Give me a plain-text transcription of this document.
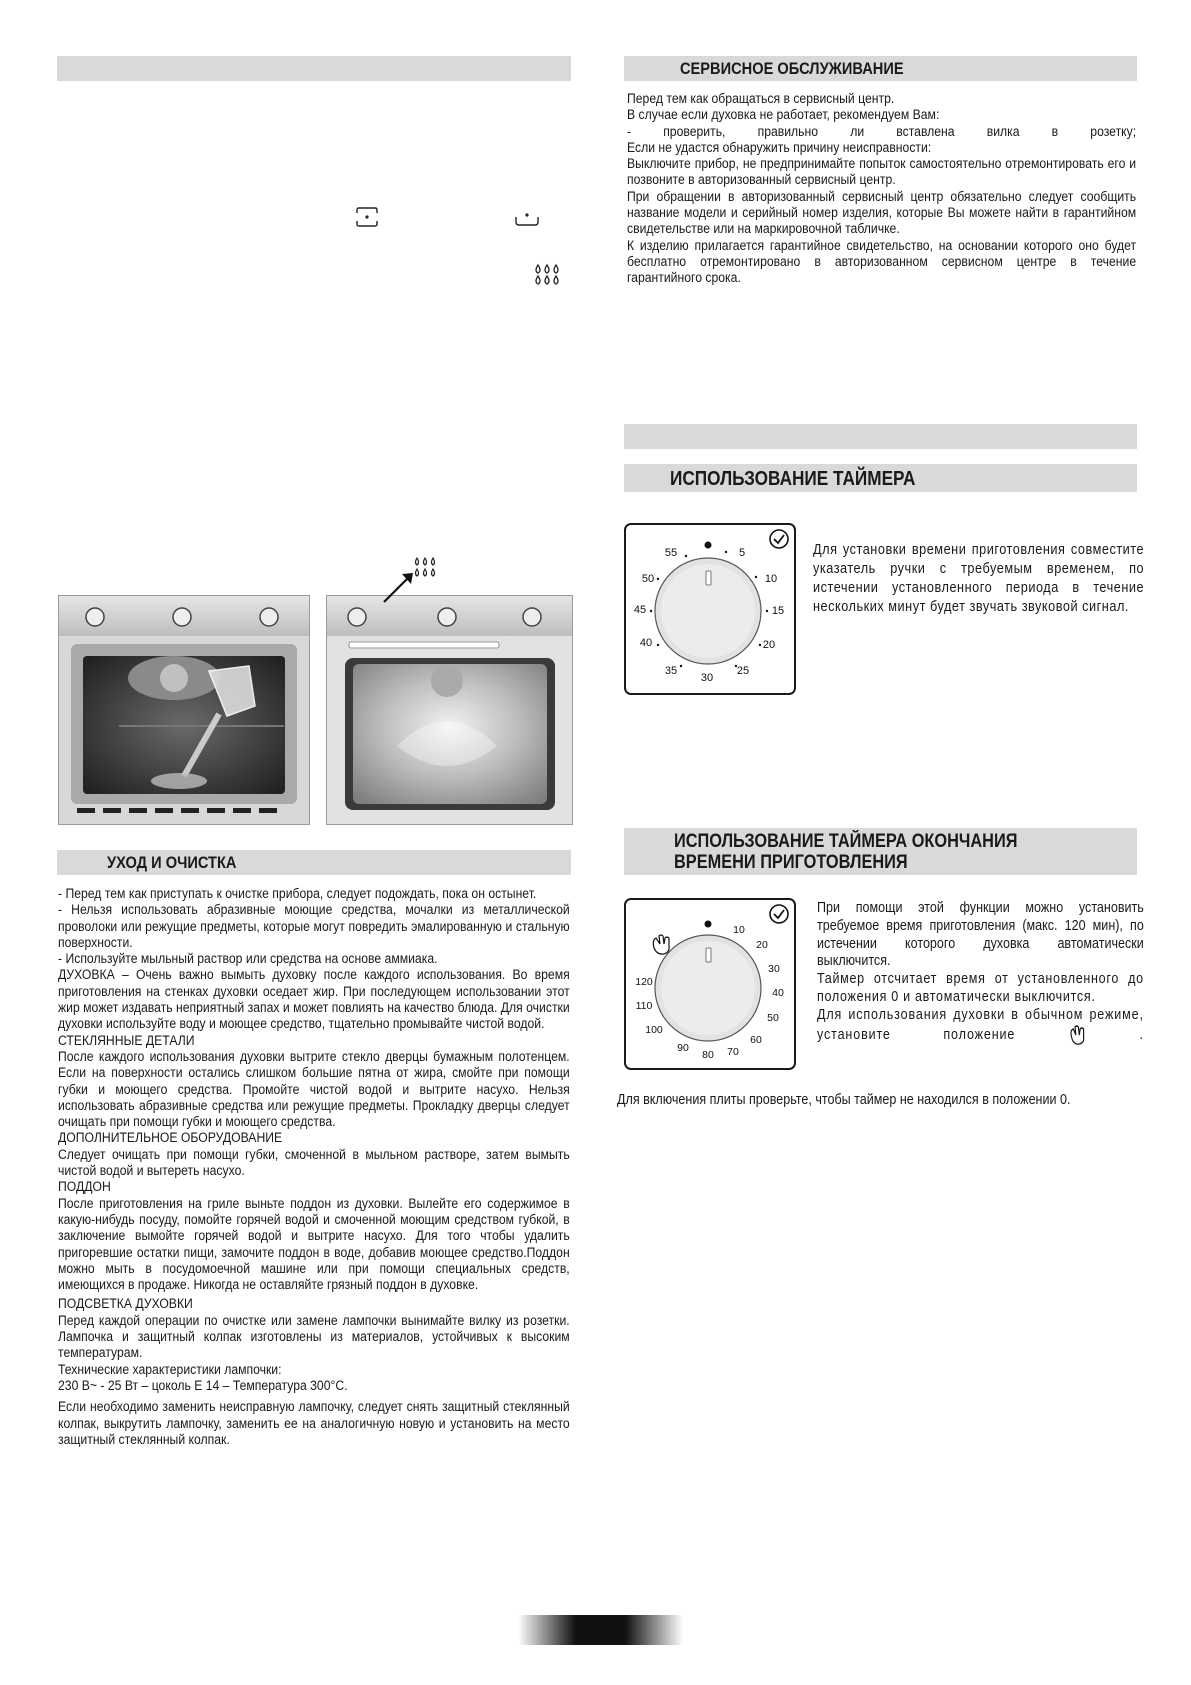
УХОД И ОЧИСТКА

- Перед тем как приступать к очистке прибора, следует подождать, пока он остынет.

- Нельзя использовать абразивные моющие средства, мочалки из металлической проволоки или режущие предметы, которые могут повредить эмалированную и стальную поверхности.

- Используйте мыльный раствор или средства на основе аммиака.

ДУХОВКА – Очень важно вымыть духовку после каждого использования. Во время приготовления на стенках духовки оседает жир. При последующем использовании этот жир может издавать неприятный запах и может повлиять на качество блюда. Для очистки духовки используйте воду и моющее средство, тщательно промывайте чистой водой.

СТЕКЛЯННЫЕ ДЕТАЛИ

После каждого использования духовки вытрите стекло дверцы бумажным полотенцем. Если на поверхности остались слишком большие пятна от жира, смойте при помощи губки и моющего средства. Промойте чистой водой и вытрите насухо. Нельзя использовать абразивные средства или режущие предметы. Прокладку дверцы следует очищать при помощи губки и моющего средства.

ДОПОЛНИТЕЛЬНОЕ ОБОРУДОВАНИЕ

Следует очищать при помощи губки, смоченной в мыльном растворе, затем вымыть чистой водой и вытереть насухо.

ПОДДОН

После приготовления на гриле выньте поддон из духовки. Вылейте его содержимое в какую-нибудь посуду, помойте горячей водой и смоченной моющим средством губкой, в заключение вымойте горячей водой и вытрите насухо. Для того чтобы удалить пригоревшие остатки пищи, замочите поддон в воде, добавив моющее средство.Поддон можно мыть в посудомоечной машине или при помощи специальных средств, имеющихся в продаже. Никогда не оставляйте грязный поддон в духовке.

ПОДСВЕТКА ДУХОВКИ

Перед каждой операции по очистке или замене лампочки вынимайте вилку из розетки. Лампочка и защитный колпак изготовлены из материалов, устойчивых к высоким температурам.

Технические характеристики лампочки:

230 В~ - 25 Вт – цоколь Е 14 – Температура 300°С.

Если необходимо заменить неисправную лампочку, следует снять защитный стеклянный колпак, выкрутить лампочку, заменить ее на аналогичную новую и установить на место защитный стеклянный колпак.

СЕРВИСНОЕ ОБСЛУЖИВАНИЕ

Перед тем как обращаться в сервисный центр.

В случае если духовка не работает, рекомендуем Вам:

- проверить, правильно ли вставлена вилка в розетку;

Если не удастся обнаружить причину неисправности:

Выключите прибор, не предпринимайте попыток самостоятельно отремонтировать его и позвоните в авторизованный сервисный центр.

При обращении в авторизованный сервисный центр обязательно следует сообщить название модели и серийный номер изделия, которые Вы можете найти в гарантийном свидетельстве или на маркировочной табличке.

К изделию прилагается гарантийное свидетельство, на основании которого оно будет бесплатно отремонтировано в авторизованном сервисном центре в течение гарантийного срока.

ИСПОЛЬЗОВАНИЕ ТАЙМЕРА
55	5
10
15
20
25
30
35
40
45
50

Для установки времени приготовления совместите указатель ручки с требуемым временем, по истечении установленного периода в течение нескольких минут будет звучать звуковой сигнал.

ИСПОЛЬЗОВАНИЕ ТАЙМЕРА ОКОНЧАНИЯ
ВРЕМЕНИ ПРИГОТОВЛЕНИЯ
10
20
30
40
50
60
70
80
90
100
110
120

При помощи этой функции можно установить требуемое время приготовления (макс. 120 мин), по истечении которого духовка автоматически выключится.

Таймер отсчитает время от установленного до положения 0 и автоматически выключится.

Для использования духовки в обычном режиме, установите положение	.

Для включения плиты проверьте, чтобы таймер не находился в положении 0.
